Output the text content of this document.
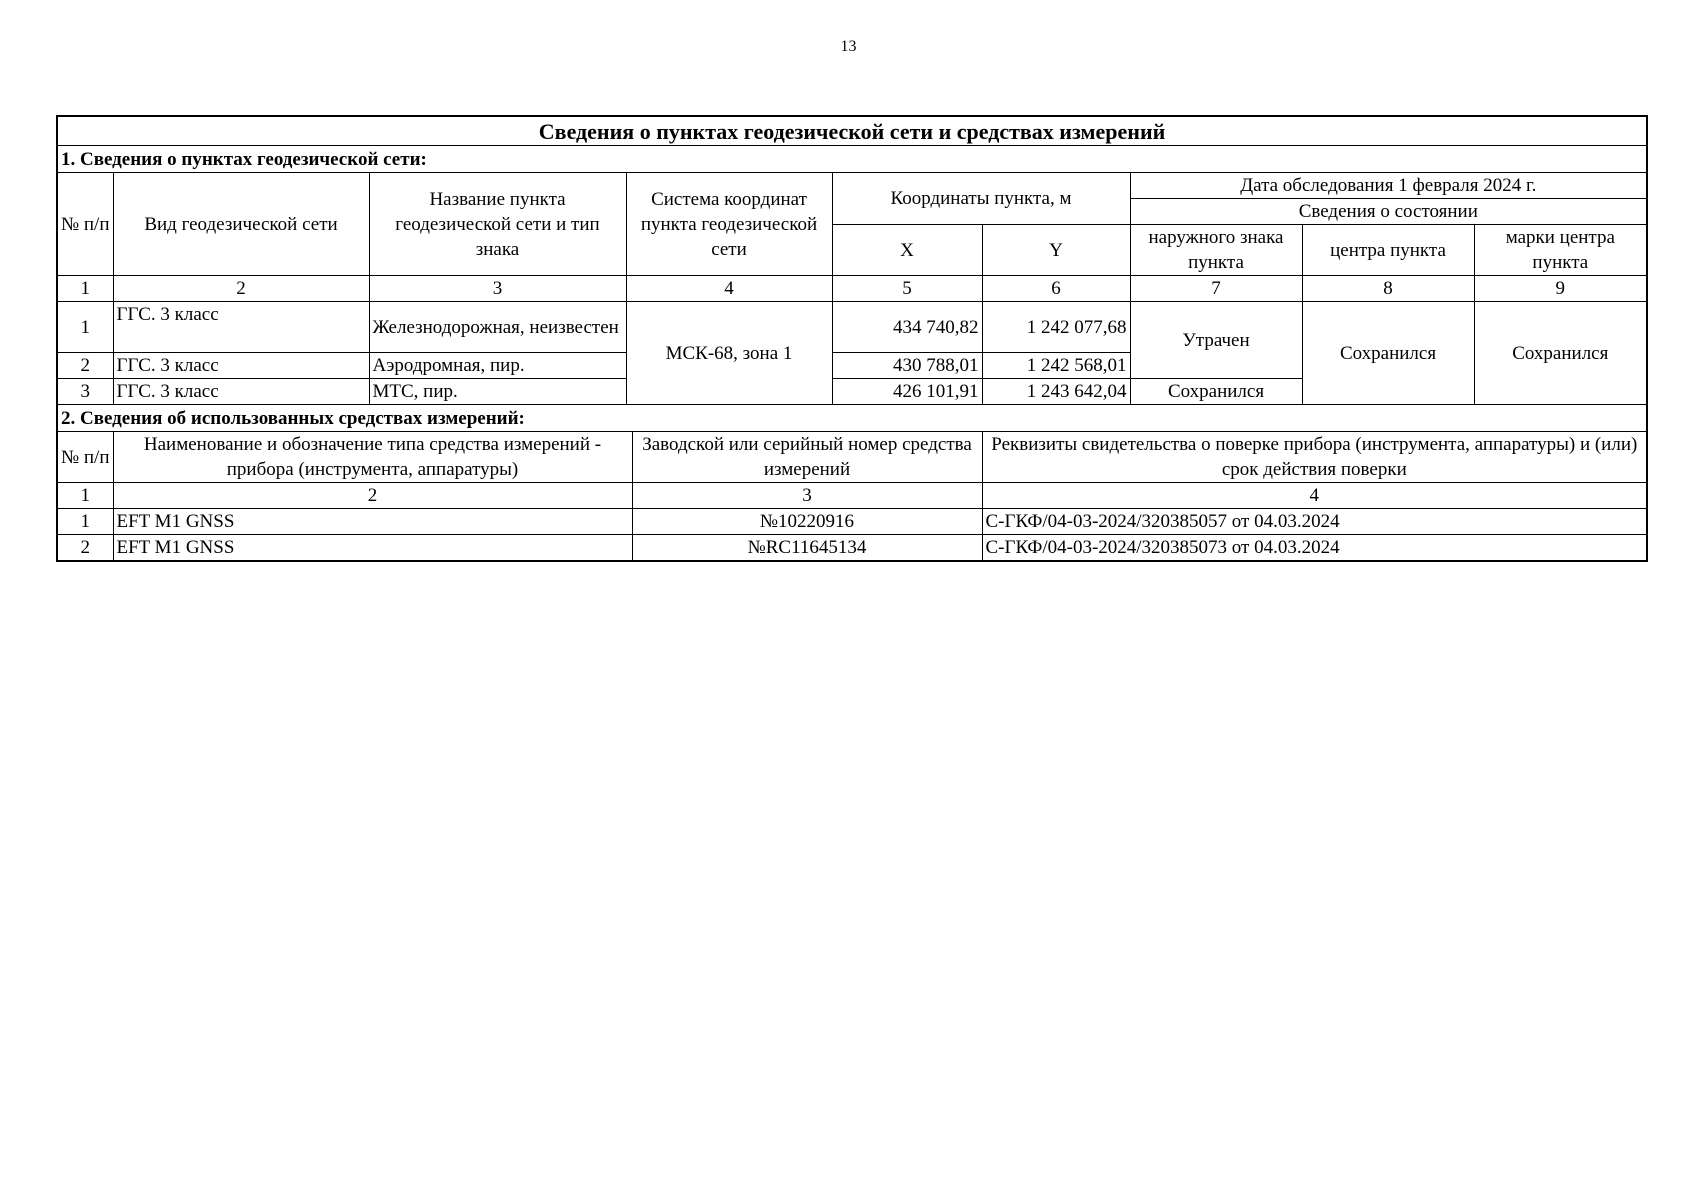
13
Сведения о пунктах геодезической сети и средствах измерений									
1. Сведения о пунктах геодезической сети:									
№ п/п	Вид геодезической сети	Название пункта геодезической сети и тип знака	Система координат пункта геодезической сети		Координаты пункта, м		Дата обследования 1 февраля 2024 г.		
							Сведения о состоянии		
					X	Y	наружного знака пункта	центра пункта	марки центра пункта
1	2	3	4		5	6	7	8	9
1	ГГС. 3 класс	Железнодорожная, неизвестен	МСК-68, зона 1		434 740,82	1 242 077,68	Утрачен	Сохранился	Сохранился
2	ГГС. 3 класс	Аэродромная, пир.			430 788,01	1 242 568,01			
3	ГГС. 3 класс	МТС, пир.			426 101,91	1 243 642,04	Сохранился		
2. Сведения об использованных средствах измерений:									
№ п/п	Наименование и обозначение типа средства измерений - прибора (инструмента, аппаратуры)			Заводской или серийный номер средства измерений		Реквизиты свидетельства о поверке прибора (инструмента, аппаратуры) и (или) срок действия поверки			
1	2			3		4			
1	EFT M1 GNSS			№10220916		С-ГКФ/04-03-2024/320385057 от 04.03.2024			
2	EFT M1 GNSS			№RC11645134		С-ГКФ/04-03-2024/320385073 от 04.03.2024			
